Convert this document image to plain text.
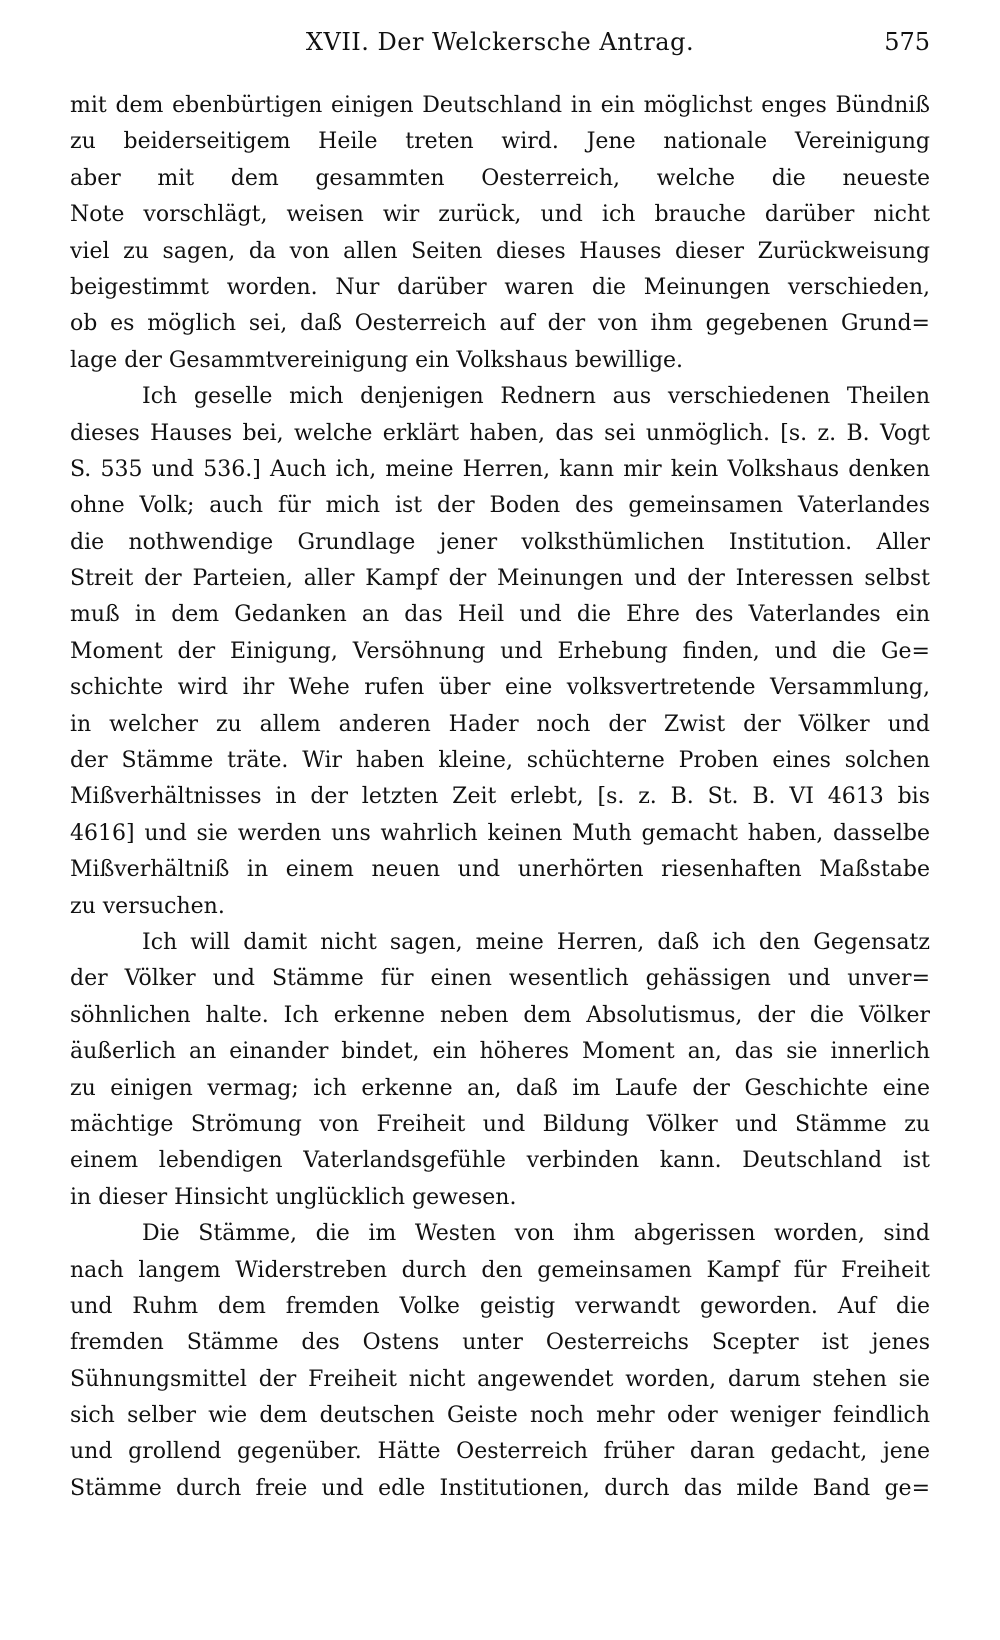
XVII. Der Welckersche Antrag.	575
mit dem ebenbürtigen einigen Deutschland in ein möglichst enges Bündniß
zu beiderseitigem Heile treten wird. Jene nationale Vereinigung
aber mit dem gesammten Oesterreich, welche die neueste
Note vorschlägt, weisen wir zurück, und ich brauche darüber nicht
viel zu sagen, da von allen Seiten dieses Hauses dieser Zurückweisung
beigestimmt worden. Nur darüber waren die Meinungen verschieden,
ob es möglich sei, daß Oesterreich auf der von ihm gegebenen Grund=
lage der Gesammtvereinigung ein Volkshaus bewillige.
Ich geselle mich denjenigen Rednern aus verschiedenen Theilen
dieses Hauses bei, welche erklärt haben, das sei unmöglich. [s. z. B. Vogt
S. 535 und 536.] Auch ich, meine Herren, kann mir kein Volkshaus denken
ohne Volk; auch für mich ist der Boden des gemeinsamen Vaterlandes
die nothwendige Grundlage jener volksthümlichen Institution. Aller
Streit der Parteien, aller Kampf der Meinungen und der Interessen selbst
muß in dem Gedanken an das Heil und die Ehre des Vaterlandes ein
Moment der Einigung, Versöhnung und Erhebung finden, und die Ge=
schichte wird ihr Wehe rufen über eine volksvertretende Versammlung,
in welcher zu allem anderen Hader noch der Zwist der Völker und
der Stämme träte. Wir haben kleine, schüchterne Proben eines solchen
Mißverhältnisses in der letzten Zeit erlebt, [s. z. B. St. B. VI 4613 bis
4616] und sie werden uns wahrlich keinen Muth gemacht haben, dasselbe
Mißverhältniß in einem neuen und unerhörten riesenhaften Maßstabe
zu versuchen.
Ich will damit nicht sagen, meine Herren, daß ich den Gegensatz
der Völker und Stämme für einen wesentlich gehässigen und unver=
söhnlichen halte. Ich erkenne neben dem Absolutismus, der die Völker
äußerlich an einander bindet, ein höheres Moment an, das sie innerlich
zu einigen vermag; ich erkenne an, daß im Laufe der Geschichte eine
mächtige Strömung von Freiheit und Bildung Völker und Stämme zu
einem lebendigen Vaterlandsgefühle verbinden kann. Deutschland ist
in dieser Hinsicht unglücklich gewesen.
Die Stämme, die im Westen von ihm abgerissen worden, sind
nach langem Widerstreben durch den gemeinsamen Kampf für Freiheit
und Ruhm dem fremden Volke geistig verwandt geworden. Auf die
fremden Stämme des Ostens unter Oesterreichs Scepter ist jenes
Sühnungsmittel der Freiheit nicht angewendet worden, darum stehen sie
sich selber wie dem deutschen Geiste noch mehr oder weniger feindlich
und grollend gegenüber. Hätte Oesterreich früher daran gedacht, jene
Stämme durch freie und edle Institutionen, durch das milde Band ge=
